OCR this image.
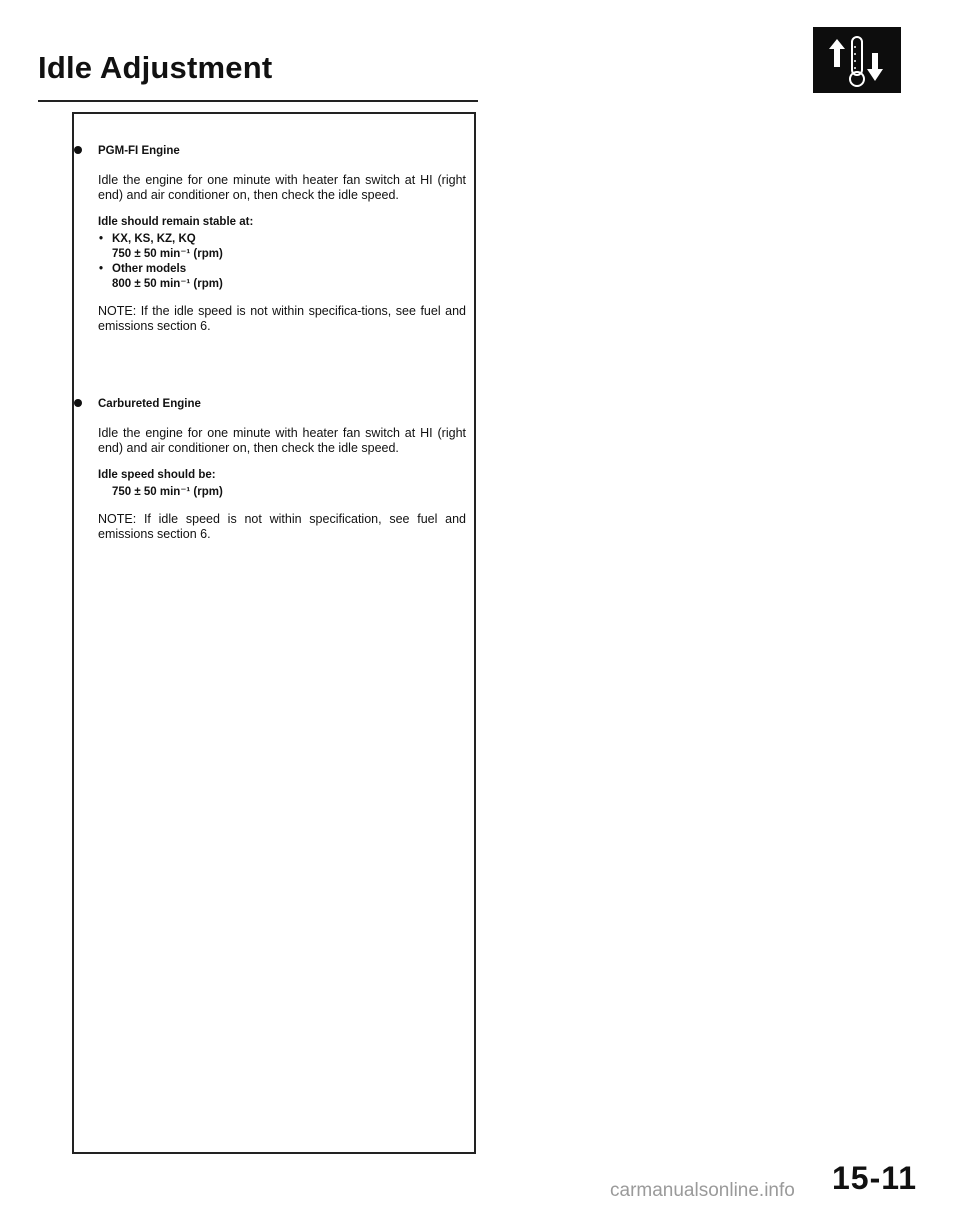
Idle Adjustment
PGM-FI Engine

Idle the engine for one minute with heater fan switch at HI (right end) and air conditioner on, then check the idle speed.

Idle should remain stable at:
• KX, KS, KZ, KQ
750 ± 50 min⁻¹ (rpm)
• Other models
800 ± 50 min⁻¹ (rpm)

NOTE: If the idle speed is not within specifica-tions, see fuel and emissions section 6.

Carbureted Engine

Idle the engine for one minute with heater fan switch at HI (right end) and air conditioner on, then check the idle speed.

Idle speed should be:
750 ± 50 min⁻¹ (rpm)

NOTE: If idle speed is not within specification, see fuel and emissions section 6.

15-11
carmanualsonline.info
